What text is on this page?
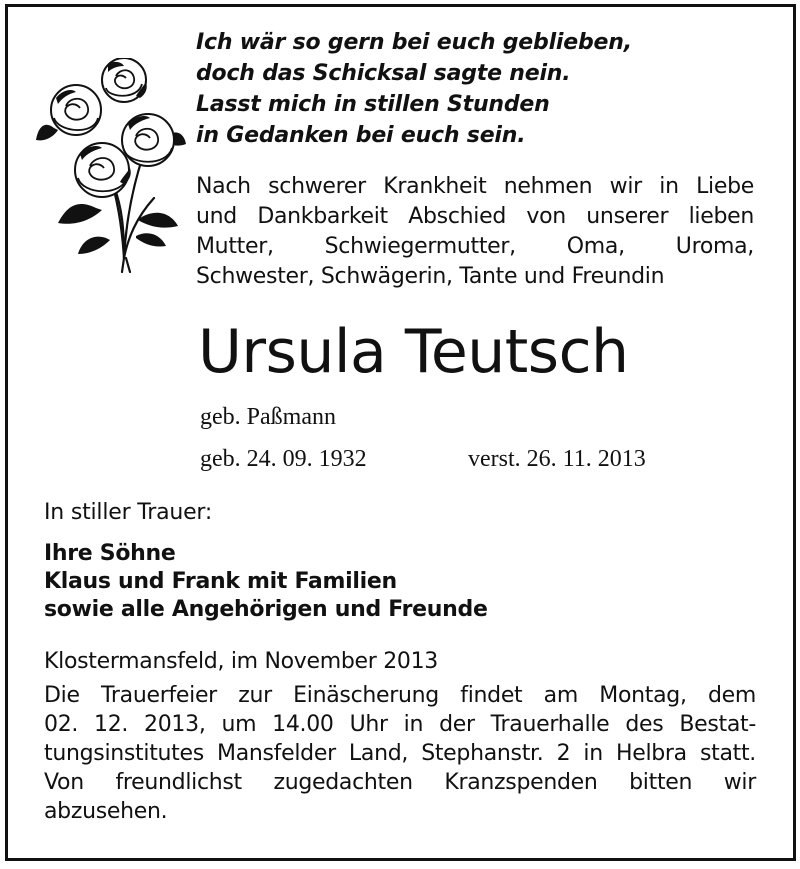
Ich wär so gern bei euch geblieben,
doch das Schicksal sagte nein.
Lasst mich in stillen Stunden
in Gedanken bei euch sein.
Nach schwerer Krankheit nehmen wir in Liebe
und Dankbarkeit Abschied von unserer lieben
Mutter, Schwiegermutter, Oma, Uroma,
Schwester, Schwägerin, Tante und Freundin
Ursula Teutsch
geb. Paßmann
geb. 24. 09. 1932	verst. 26. 11. 2013
In stiller Trauer:
Ihre Söhne
Klaus und Frank mit Familien
sowie alle Angehörigen und Freunde
Klostermansfeld, im November 2013
Die Trauerfeier zur Einäscherung findet am Montag, dem
02. 12. 2013, um 14.00 Uhr in der Trauerhalle des Bestat-
tungsinstitutes Mansfelder Land, Stephanstr. 2 in Helbra statt.
Von freundlichst zugedachten Kranzspenden bitten wir
abzusehen.
